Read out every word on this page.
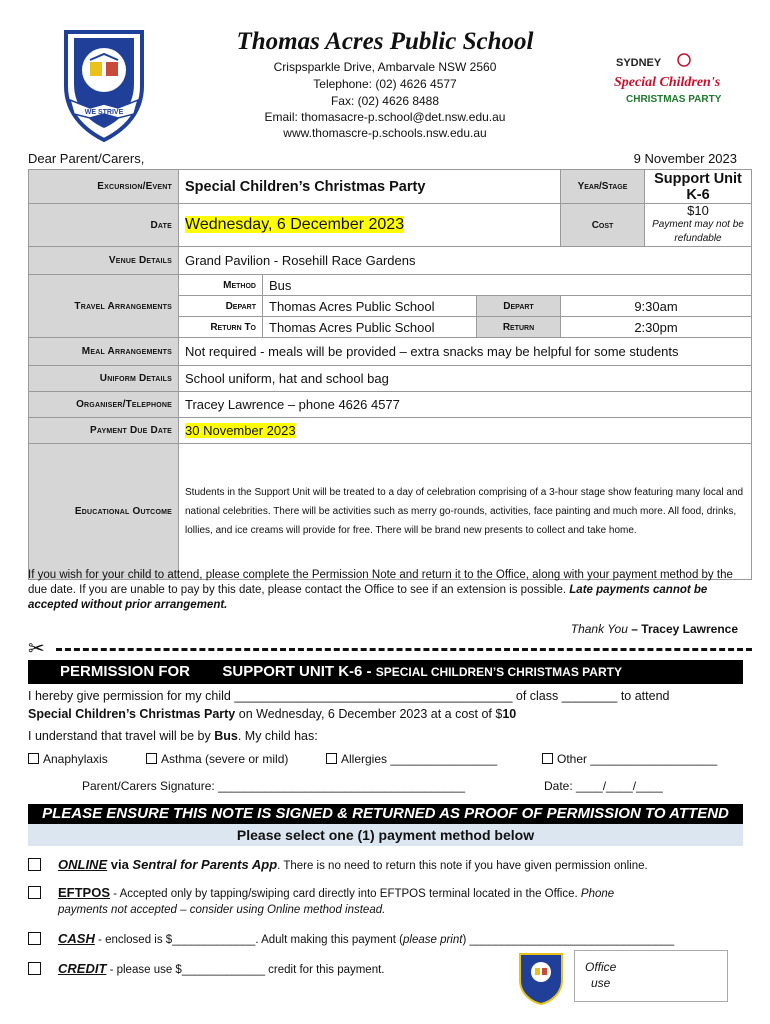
WE STRIVE
Thomas Acres Public School
Crispsparkle Drive, Ambarvale NSW 2560
Telephone: (02) 4626 4577
Fax: (02) 4626 8488
Email: thomasacre-p.school@det.nsw.edu.au
www.thomascre-p.schools.nsw.edu.au
SYDNEY
Special Children's
CHRISTMAS PARTY
Dear Parent/Carers,	9 November 2023
Excursion/Event	Special Children’s Christmas Party			Year/Stage	Support Unit K-6
Date	Wednesday, 6 December 2023			Cost	$10
Payment may not be refundable

Venue Details	Grand Pavilion - Rosehill Race Gardens				
Travel Arrangements	Method	Bus			
	Depart	Thomas Acres Public School	Depart	9:30am	
	Return To	Thomas Acres Public School	Return	2:30pm	
Meal Arrangements	Not required - meals will be provided – extra snacks may be helpful for some students				
Uniform Details	School uniform, hat and school bag				
Organiser/Telephone	Tracey Lawrence – phone 4626 4577				
Payment Due Date	30 November 2023				
Educational Outcome	Students in the Support Unit will be treated to a day of celebration comprising of a 3-hour stage show featuring many local and national celebrities. There will be activities such as merry go-rounds, activities, face painting and much more. All food, drinks, lollies, and ice creams will provide for free. There will be brand new presents to collect and take home.				
If you wish for your child to attend, please complete the Permission Note and return it to the Office, along with your payment method by the due date. If you are unable to pay by this date, please contact the Office to see if an extension is possible. Late payments cannot be accepted without prior arrangement.
Thank You – Tracey Lawrence
✂
PERMISSION FOR SUPPORT UNIT K-6 - SPECIAL CHILDREN’S CHRISTMAS PARTY
I hereby give permission for my child ________________________________________ of class ________ to attend
Special Children’s Christmas Party on Wednesday, 6 December 2023 at a cost of $10
I understand that travel will be by Bus. My child has:
Anaphylaxis	Asthma (severe or mild)	Allergies ________________	Other ___________________
Parent/Carers Signature: _____________________________________	Date: ____/____/____
PLEASE ENSURE THIS NOTE IS SIGNED & RETURNED AS PROOF OF PERMISSION TO ATTEND
Please select one (1) payment method below
ONLINE via Sentral for Parents App. There is no need to return this note if you have given permission online.
EFTPOS - Accepted only by tapping/swiping card directly into EFTPOS terminal located in the Office. Phone
payments not accepted – consider using Online method instead.
CASH - enclosed is $_____________. Adult making this payment (please print) ________________________________
CREDIT - please use $_____________ credit for this payment.	Office
use
